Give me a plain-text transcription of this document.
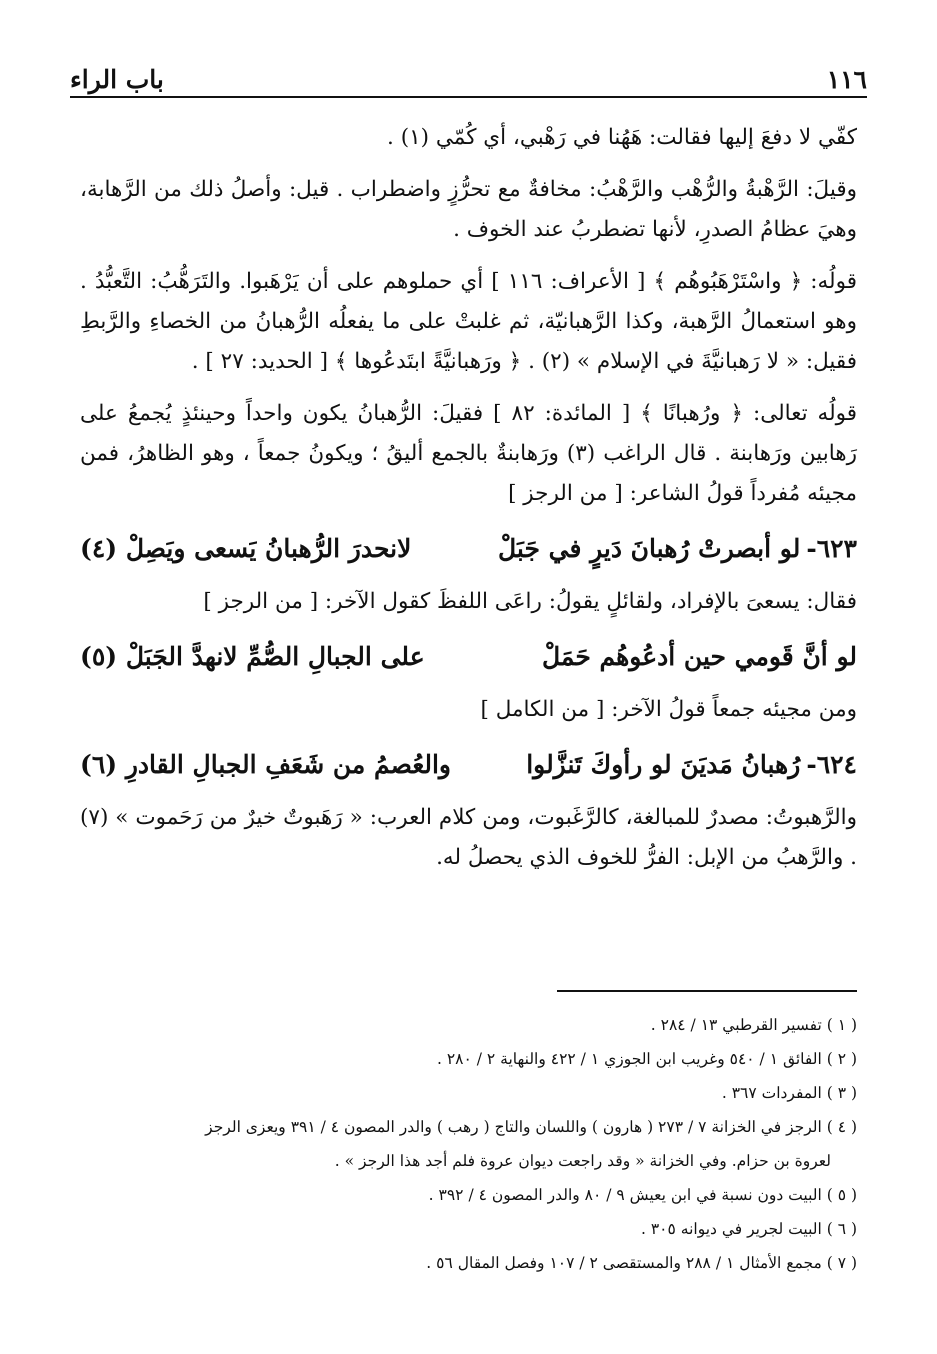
١١٦
باب الراء

كفّي لا دفعَ إليها فقالت: هَهُنا في رَهْبي، أي كُمّي (١) .

وقيلَ: الرَّهْبةُ والرُّهْب والرَّهْبُ: مخافةٌ مع تحرُّزٍ واضطراب . قيل: وأصلُ ذلك من الرَّهابة، وهيَ عظامُ الصدرِ، لأنها تضطربُ عند الخوف .

قولُه: ﴿ واسْتَرْهَبُوهُم ﴾ [ الأعراف: ١١٦ ] أي حملوهم على أن يَرْهَبوا. والتَرَهُّبُ: التَّعبُّدُ . وهو استعمالُ الرَّهبة، وكذا الرَّهبانيّة، ثم غلبتْ على ما يفعلُه الرُّهبانُ من الخصاءِ والرَّبطِ فقيل: « لا رَهبانيَّةَ في الإسلام » (٢) . ﴿ ورَهبانيَّةً ابتَدعُوها ﴾ [ الحديد: ٢٧ ] .

قولُه تعالى: ﴿ ورُهبانًا ﴾ [ المائدة: ٨٢ ] فقيلَ: الرُّهبانُ يكون واحداً وحينئذٍ يُجمعُ على رَهابين ورَهابنة . قال الراغب (٣) ورَهابنةٌ بالجمع أليقُ ؛ ويكونُ جمعاً ، وهو الظاهرُ، فمن مجيئه مُفرداً قولُ الشاعر: [ من الرجز ]

٦٢٣-لو أبصرتْ رُهبانَ دَيرٍ في جَبَلْ
لانحدرَ الرُّهبانُ يَسعى ويَصِلْ (٤)

فقال: يسعىَ بالإفراد، ولقائلٍ يقولُ: راعَى اللفظَ كقول الآخر: [ من الرجز ]

لو أنَّ قَومي حين أدعُوهُم حَمَلْ
على الجبالِ الصُّمِّ لانهدَّ الجَبَلْ (٥)

ومن مجيئه جمعاً قولُ الآخر: [ من الكامل ]

٦٢٤-رُهبانُ مَديَنَ لو رأوكَ تَنزَّلوا
والعُصمُ من شَعَفِ الجبالِ القادرِ (٦)

والرَّهبوتُ: مصدرٌ للمبالغة، كالرَّغَبوت، ومن كلام العرب: « رَهَبوتٌ خيرٌ من رَحَموت » (٧) . والرَّهبُ من الإبل: الفرُّ للخوف الذي يحصلُ له.

( ١ ) تفسير القرطبي ١٣ / ٢٨٤ .

( ٢ ) الفائق ١ / ٥٤٠ وغريب ابن الجوزي ١ / ٤٢٢ والنهاية ٢ / ٢٨٠ .

( ٣ ) المفردات ٣٦٧ .

( ٤ ) الرجز في الخزانة ٧ / ٢٧٣ ( هارون ) واللسان والتاج ( رهب ) والدر المصون ٤ / ٣٩١ ويعزى الرجز

لعروة بن حزام. وفي الخزانة « وقد راجعت ديوان عروة فلم أجد هذا الرجز » .

( ٥ ) البيت دون نسبة في ابن يعيش ٩ / ٨٠ والدر المصون ٤ / ٣٩٢ .

( ٦ ) البيت لجرير في ديوانه ٣٠٥ .

( ٧ ) مجمع الأمثال ١ / ٢٨٨ والمستقصى ٢ / ١٠٧ وفصل المقال ٥٦ .
